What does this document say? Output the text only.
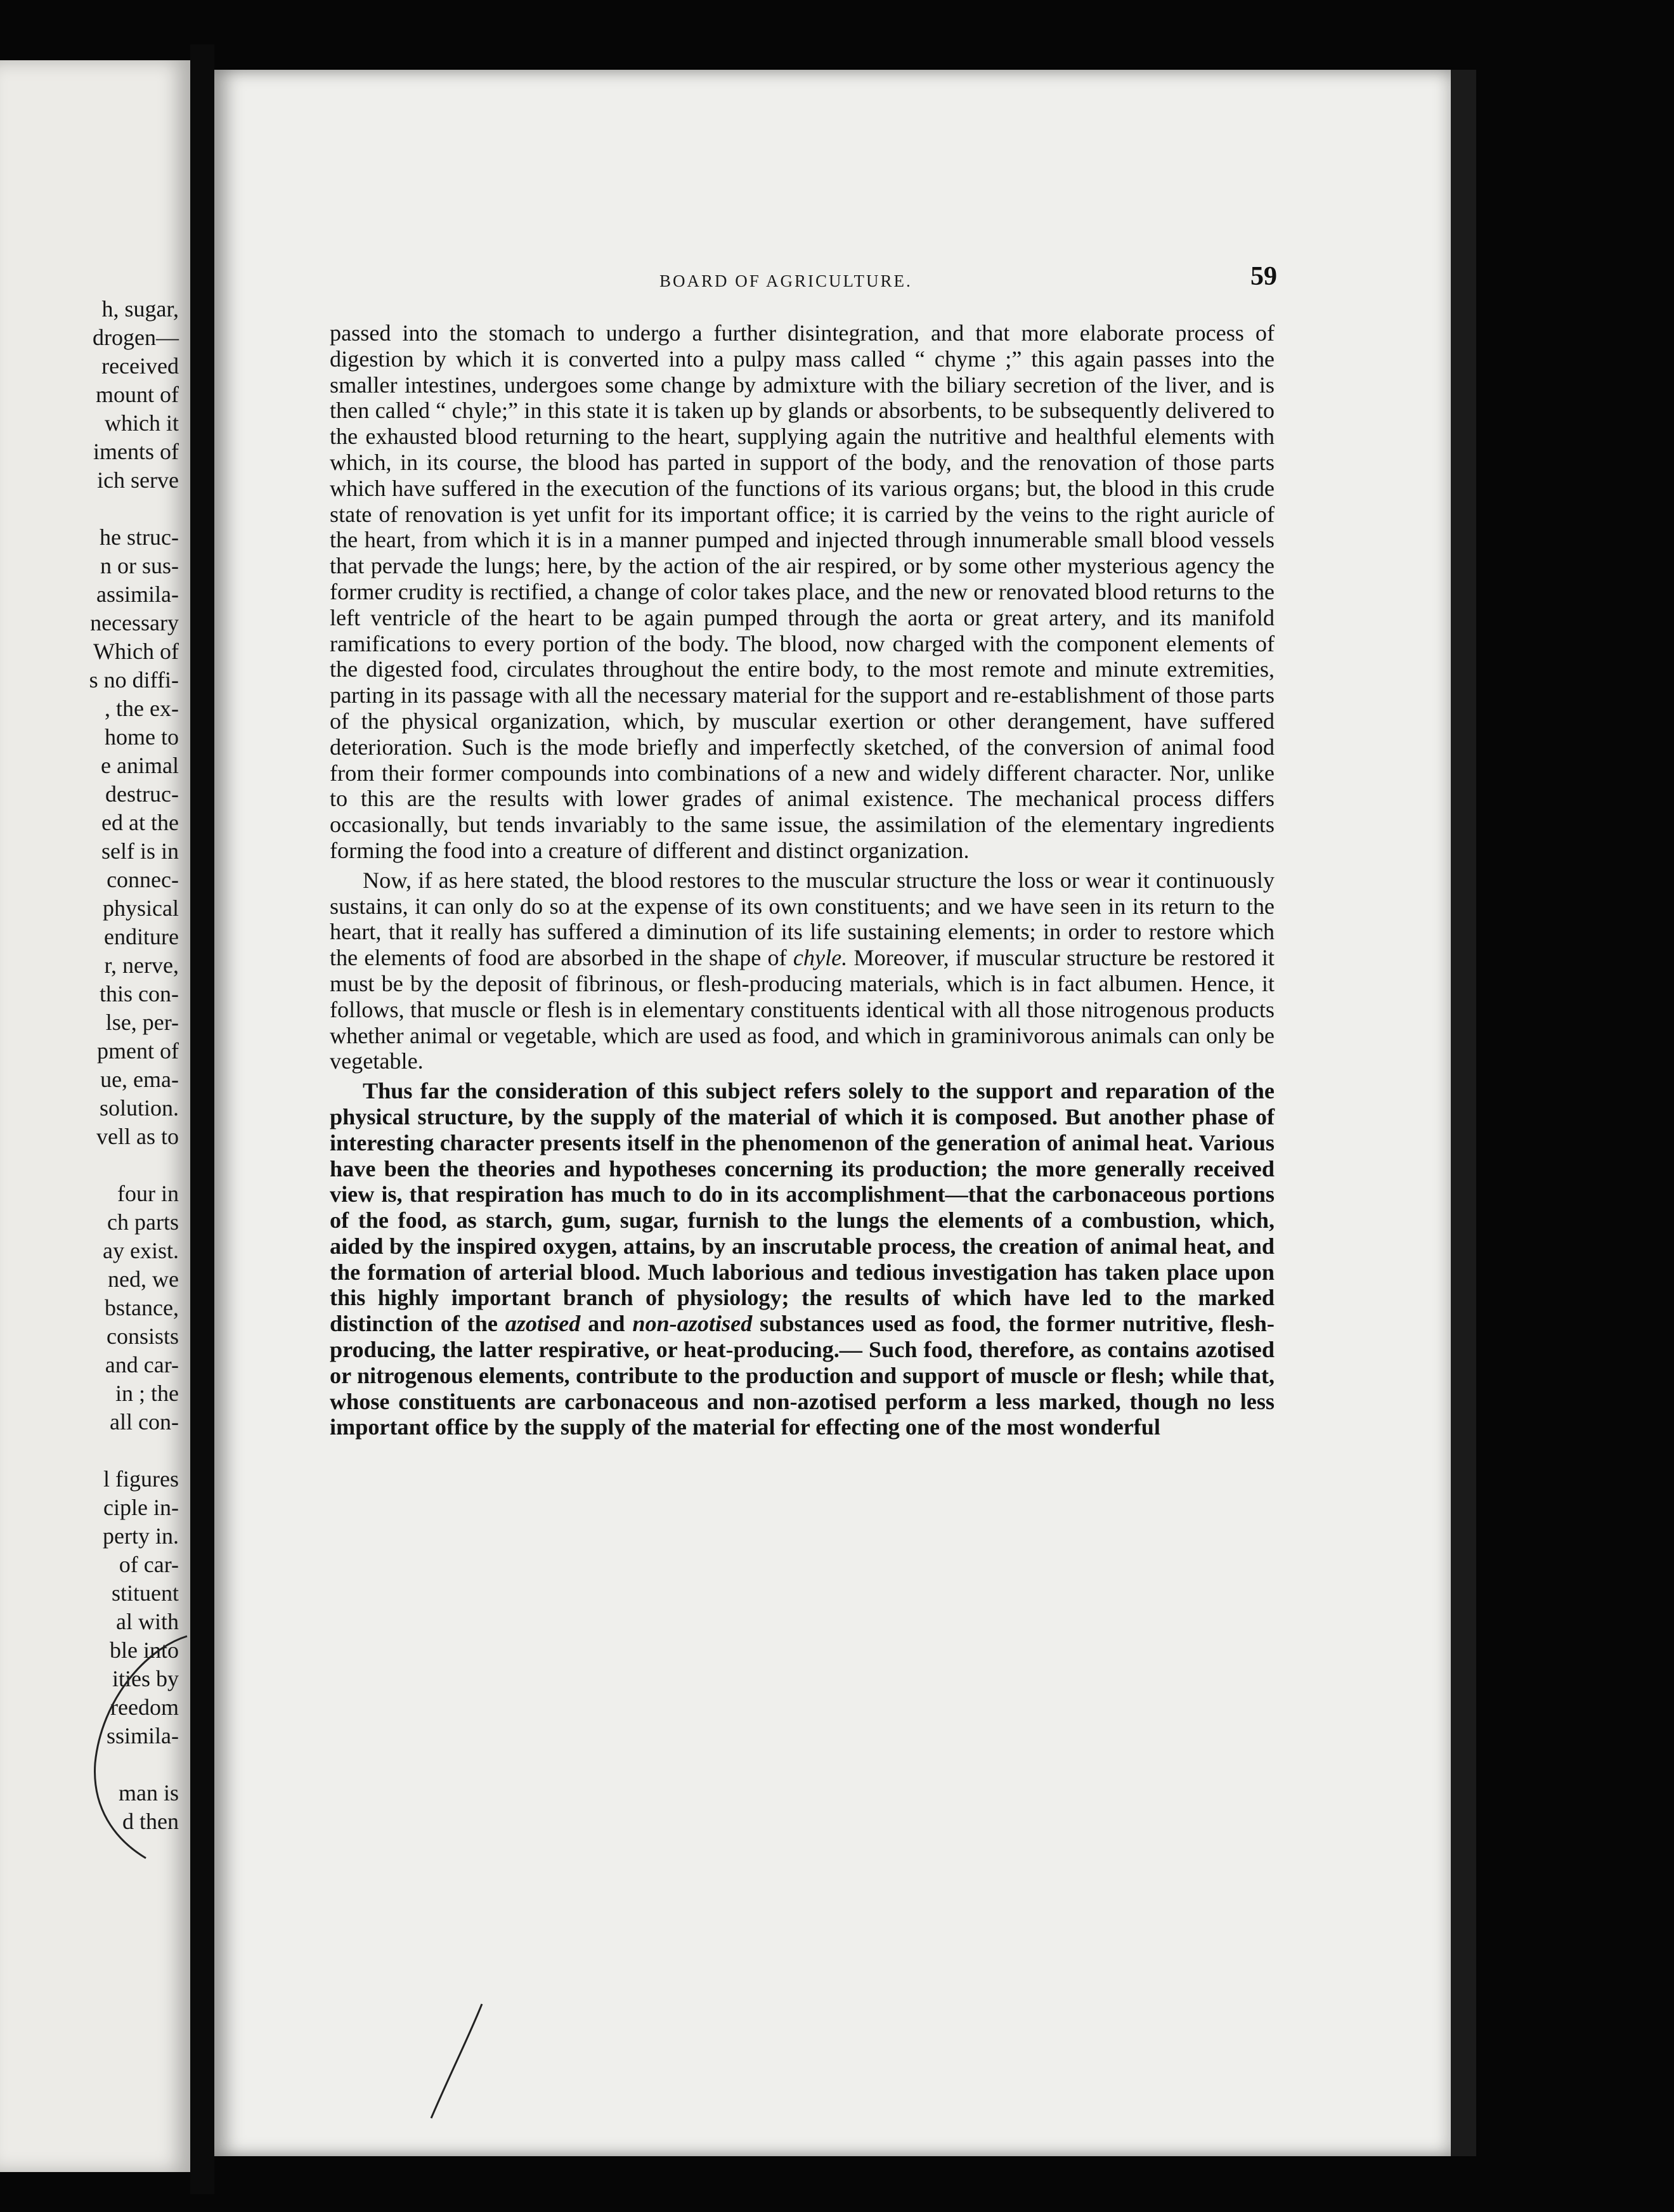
h, sugar,
drogen—
received
mount of
which it
iments of
ich serve
he struc-
n or sus-
assimila-
necessary
Which of
s no diffi-
, the ex-
home to
e animal
destruc-
ed at the
self is in
connec-
physical
enditure
r, nerve,
this con-
lse, per-
pment of
ue, ema-
solution.
vell as to
four in
ch parts
ay exist.
ned, we
bstance,
consists
and car-
in ; the
all con-
l figures
ciple in-
perty in.
of car-
stituent
al with
ble into
ities by
reedom
ssimila-
man is
d then
BOARD OF AGRICULTURE.	59

passed into the stomach to undergo a further disintegration, and that more elaborate process of digestion by which it is converted into a pulpy mass called “ chyme ;” this again passes into the smaller intestines, undergoes some change by admixture with the biliary secretion of the liver, and is then called “ chyle;” in this state it is taken up by glands or absorbents, to be subsequently delivered to the exhausted blood returning to the heart, supplying again the nutritive and healthful elements with which, in its course, the blood has parted in support of the body, and the renovation of those parts which have suffered in the execution of the functions of its various organs; but, the blood in this crude state of renovation is yet unfit for its important office; it is carried by the veins to the right auricle of the heart, from which it is in a manner pumped and injected through innumerable small blood vessels that pervade the lungs; here, by the action of the air respired, or by some other mysterious agency the former crudity is rectified, a change of color takes place, and the new or renovated blood returns to the left ventricle of the heart to be again pumped through the aorta or great artery, and its manifold ramifications to every portion of the body. The blood, now charged with the component elements of the digested food, circulates throughout the entire body, to the most remote and minute extremities, parting in its passage with all the necessary material for the support and re-establishment of those parts of the physical organization, which, by muscular exertion or other derangement, have suffered deterioration. Such is the mode briefly and imperfectly sketched, of the conversion of animal food from their former compounds into combinations of a new and widely different character. Nor, unlike to this are the results with lower grades of animal existence. The mechanical process differs occasionally, but tends invariably to the same issue, the assimilation of the elementary ingredients forming the food into a creature of different and distinct organization.

Now, if as here stated, the blood restores to the muscular structure the loss or wear it continuously sustains, it can only do so at the expense of its own constituents; and we have seen in its return to the heart, that it really has suffered a diminution of its life sustaining elements; in order to restore which the elements of food are absorbed in the shape of chyle. Moreover, if muscular structure be restored it must be by the deposit of fibrinous, or flesh-producing materials, which is in fact albumen. Hence, it follows, that muscle or flesh is in elementary constituents identical with all those nitrogenous products whether animal or vegetable, which are used as food, and which in graminivorous animals can only be vegetable.

Thus far the consideration of this subject refers solely to the support and reparation of the physical structure, by the supply of the material of which it is composed. But another phase of interesting character presents itself in the phenomenon of the generation of animal heat. Various have been the theories and hypotheses concerning its production; the more generally received view is, that respiration has much to do in its accomplishment—that the carbonaceous portions of the food, as starch, gum, sugar, furnish to the lungs the elements of a combustion, which, aided by the inspired oxygen, attains, by an inscrutable process, the creation of animal heat, and the formation of arterial blood. Much laborious and tedious investigation has taken place upon this highly important branch of physiology; the results of which have led to the marked distinction of the azotised and non-azotised substances used as food, the former nutritive, flesh-producing, the latter respirative, or heat-producing.— Such food, therefore, as contains azotised or nitrogenous elements, contribute to the production and support of muscle or flesh; while that, whose constituents are carbonaceous and non-azotised perform a less marked, though no less important office by the supply of the material for effecting one of the most wonderful
